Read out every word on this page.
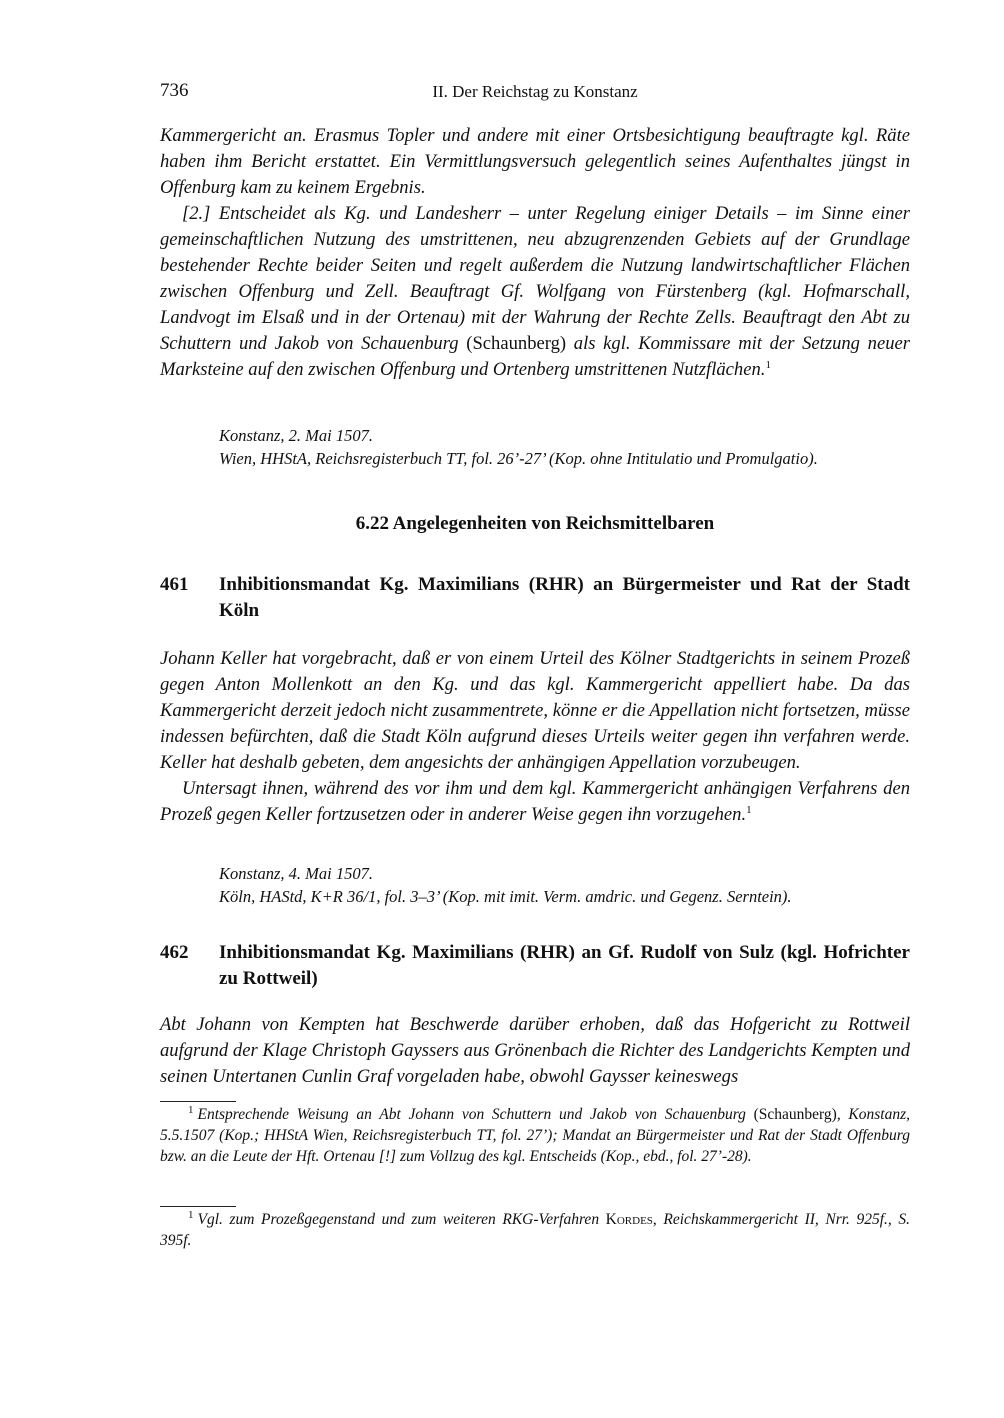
736	II. Der Reichstag zu Konstanz

Kammergericht an. Erasmus Topler und andere mit einer Ortsbesichtigung beauftragte kgl. Räte haben ihm Bericht erstattet. Ein Vermittlungsversuch gelegentlich seines Aufenthaltes jüngst in Offenburg kam zu keinem Ergebnis.

[2.] Entscheidet als Kg. und Landesherr – unter Regelung einiger Details – im Sinne einer gemeinschaftlichen Nutzung des umstrittenen, neu abzugrenzenden Gebiets auf der Grundlage bestehender Rechte beider Seiten und regelt außerdem die Nutzung landwirtschaftlicher Flächen zwischen Offenburg und Zell. Beauftragt Gf. Wolfgang von Fürstenberg (kgl. Hofmarschall, Landvogt im Elsaß und in der Ortenau) mit der Wahrung der Rechte Zells. Beauftragt den Abt zu Schuttern und Jakob von Schauenburg (Schaunberg) als kgl. Kommissare mit der Setzung neuer Marksteine auf den zwischen Offenburg und Ortenberg umstrittenen Nutzflächen.$^1$

Konstanz, 2. Mai 1507.
Wien, HHStA, Reichsregisterbuch TT, fol. 26’-27’ (Kop. ohne Intitulatio und Promulgatio).
6.22 Angelegenheiten von Reichsmittelbaren
461 Inhibitionsmandat Kg. Maximilians (RHR) an Bürgermeister und Rat der Stadt Köln

Johann Keller hat vorgebracht, daß er von einem Urteil des Kölner Stadtgerichts in seinem Prozeß gegen Anton Mollenkott an den Kg. und das kgl. Kammergericht appelliert habe. Da das Kammergericht derzeit jedoch nicht zusammentrete, könne er die Appellation nicht fortsetzen, müsse indessen befürchten, daß die Stadt Köln aufgrund dieses Urteils weiter gegen ihn verfahren werde. Keller hat deshalb gebeten, dem angesichts der anhängigen Appellation vorzubeugen.

Untersagt ihnen, während des vor ihm und dem kgl. Kammergericht anhängigen Verfahrens den Prozeß gegen Keller fortzusetzen oder in anderer Weise gegen ihn vorzugehen.$^1$

Konstanz, 4. Mai 1507.
Köln, HAStd, K+R 36/1, fol. 3–3’ (Kop. mit imit. Verm. amdric. und Gegenz. Serntein).
462 Inhibitionsmandat Kg. Maximilians (RHR) an Gf. Rudolf von Sulz (kgl. Hofrichter zu Rottweil)

Abt Johann von Kempten hat Beschwerde darüber erhoben, daß das Hofgericht zu Rottweil aufgrund der Klage Christoph Gayssers aus Grönenbach die Richter des Landgerichts Kempten und seinen Untertanen Cunlin Graf vorgeladen habe, obwohl Gaysser keineswegs

$^1$ Entsprechende Weisung an Abt Johann von Schuttern und Jakob von Schauenburg (Schaunberg), Konstanz, 5.5.1507 (Kop.; HHStA Wien, Reichsregisterbuch TT, fol. 27’); Mandat an Bürgermeister und Rat der Stadt Offenburg bzw. an die Leute der Hft. Ortenau [!] zum Vollzug des kgl. Entscheids (Kop., ebd., fol. 27’-28).
$^1$ Vgl. zum Prozeßgegenstand und zum weiteren RKG-Verfahren Kordes, Reichskammergericht II, Nrr. 925f., S. 395f.
